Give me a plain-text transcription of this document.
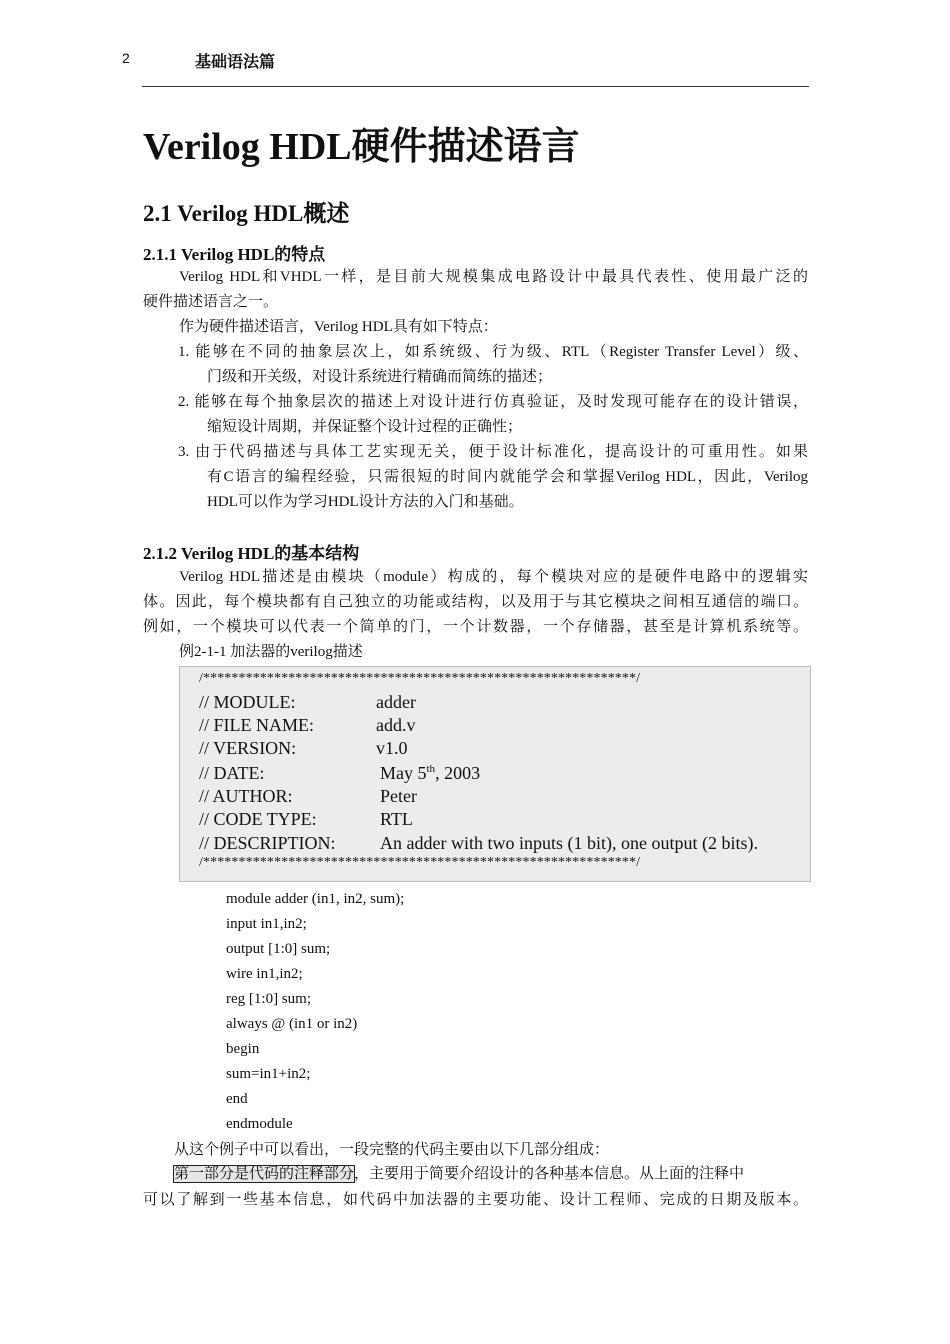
2	基础语法篇
Verilog HDL硬件描述语言
2.1 Verilog HDL概述
2.1.1 Verilog HDL的特点

Verilog HDL和VHDL一样，是目前大规模集成电路设计中最具代表性、使用最广泛的

硬件描述语言之一。

作为硬件描述语言，Verilog HDL具有如下特点：

1. 能够在不同的抽象层次上，如系统级、行为级、RTL（Register Transfer Level）级、

门级和开关级，对设计系统进行精确而简练的描述；

2. 能够在每个抽象层次的描述上对设计进行仿真验证，及时发现可能存在的设计错误，

缩短设计周期，并保证整个设计过程的正确性；

3. 由于代码描述与具体工艺实现无关，便于设计标准化，提高设计的可重用性。如果

有C语言的编程经验，只需很短的时间内就能学会和掌握Verilog HDL，因此，Verilog

HDL可以作为学习HDL设计方法的入门和基础。

2.1.2 Verilog HDL的基本结构

Verilog HDL描述是由模块（module）构成的，每个模块对应的是硬件电路中的逻辑实

体。因此，每个模块都有自己独立的功能或结构，以及用于与其它模块之间相互通信的端口。

例如，一个模块可以代表一个简单的门，一个计数器，一个存储器，甚至是计算机系统等。

例2-1-1 加法器的verilog描述

/*************************************************************/
// MODULE:	adder
// FILE NAME:	add.v
// VERSION:	v1.0
// DATE:	May 5th, 2003
// AUTHOR:	Peter
// CODE TYPE:	RTL
// DESCRIPTION: An adder with two inputs (1 bit), one output (2 bits).
/*************************************************************/
module adder (in1, in2, sum);
input in1,in2;
output [1:0] sum;
wire in1,in2;
reg [1:0] sum;
always @ (in1 or in2)
begin
sum=in1+in2;
end
endmodule

从这个例子中可以看出，一段完整的代码主要由以下几部分组成：

第一部分是代码的注释部分，主要用于简要介绍设计的各种基本信息。从上面的注释中

可以了解到一些基本信息，如代码中加法器的主要功能、设计工程师、完成的日期及版本。
